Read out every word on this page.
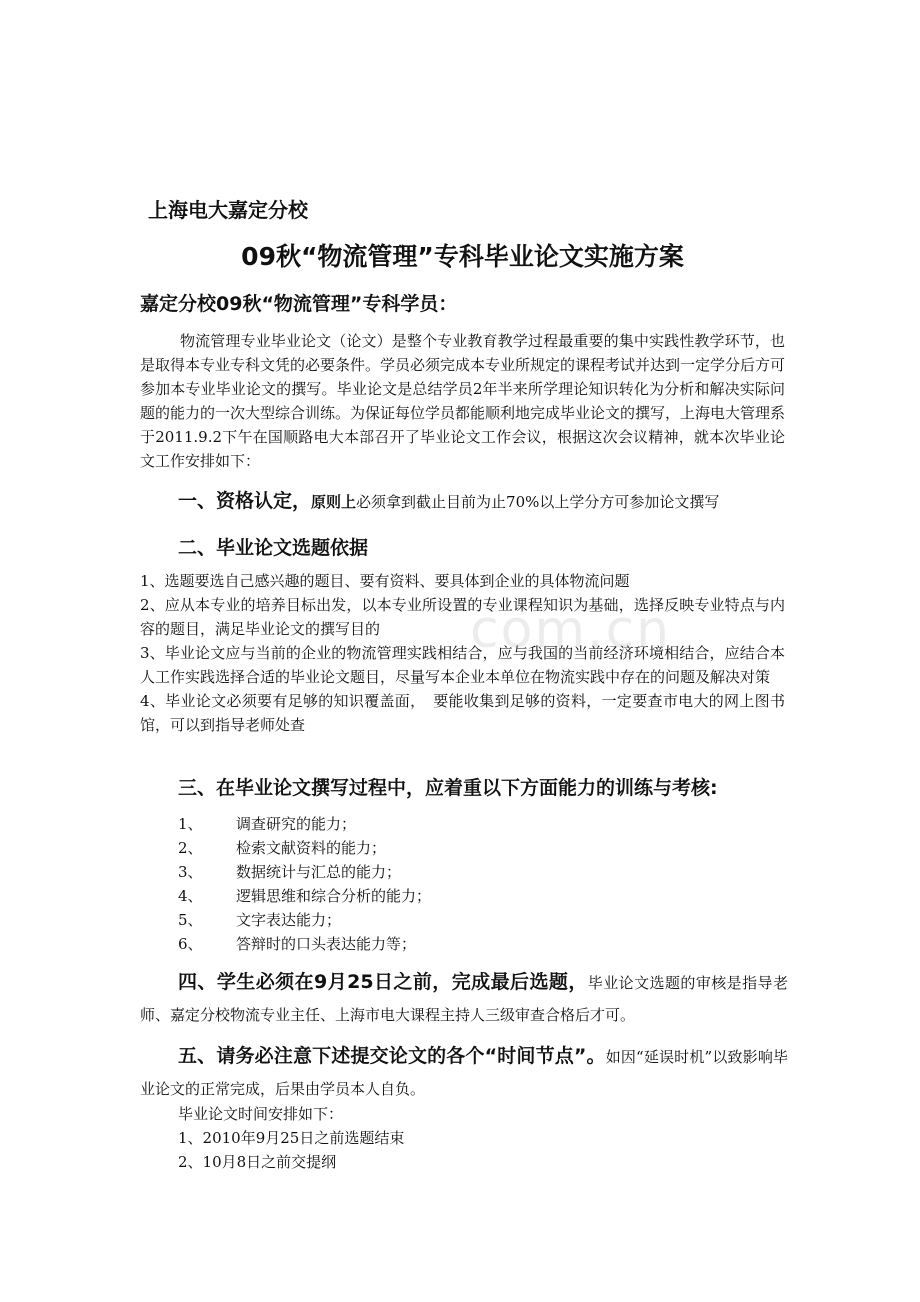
com.cn
上海电大嘉定分校
09秋“物流管理”专科毕业论文实施方案
嘉定分校09秋“物流管理”专科学员：
物流管理专业毕业论文（论文）是整个专业教育教学过程最重要的集中实践性教学环节，也是取得本专业专科文凭的必要条件。学员必须完成本专业所规定的课程考试并达到一定学分后方可参加本专业毕业论文的撰写。毕业论文是总结学员2年半来所学理论知识转化为分析和解决实际问题的能力的一次大型综合训练。为保证每位学员都能顺利地完成毕业论文的撰写，上海电大管理系于2011.9.2下午在国顺路电大本部召开了毕业论文工作会议，根据这次会议精神，就本次毕业论文工作安排如下：
一、资格认定，原则上必须拿到截止目前为止70%以上学分方可参加论文撰写
二、毕业论文选题依据
1、选题要选自己感兴趣的题目、要有资料、要具体到企业的具体物流问题
2、应从本专业的培养目标出发，以本专业所设置的专业课程知识为基础，选择反映专业特点与内容的题目，满足毕业论文的撰写目的
3、毕业论文应与当前的企业的物流管理实践相结合，应与我国的当前经济环境相结合，应结合本人工作实践选择合适的毕业论文题目，尽量写本企业本单位在物流实践中存在的问题及解决对策
4、毕业论文必须要有足够的知识覆盖面，　要能收集到足够的资料，一定要查市电大的网上图书馆，可以到指导老师处查
三、在毕业论文撰写过程中，应着重以下方面能力的训练与考核:
1、 调查研究的能力；
2、 检索文献资料的能力；
3、 数据统计与汇总的能力；
4、 逻辑思维和综合分析的能力；
5、 文字表达能力；
6、 答辩时的口头表达能力等；
四、学生必须在9月25日之前，完成最后选题，毕业论文选题的审核是指导老师、嘉定分校物流专业主任、上海市电大课程主持人三级审查合格后才可。
五、请务必注意下述提交论文的各个“时间节点”。如因“延误时机”以致影响毕业论文的正常完成，后果由学员本人自负。
毕业论文时间安排如下：
1、2010年9月25日之前选题结束
2、10月8日之前交提纲
